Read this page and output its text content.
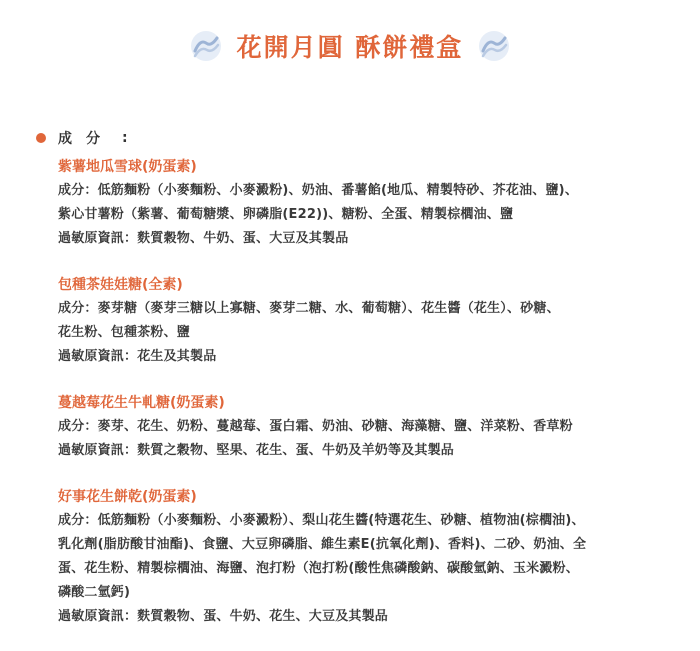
花開月圓 酥餅禮盒
成分 :
紫薯地瓜雪球(奶蛋素)
成分：低筋麵粉（小麥麵粉、小麥澱粉)、奶油、番薯餡(地瓜、精製特砂、芥花油、鹽)、
紫心甘薯粉（紫薯、葡萄糖漿、卵磷脂(E22))、糖粉、全蛋、精製棕櫚油、鹽
過敏原資訊：麩質穀物、牛奶、蛋、大豆及其製品
包種茶娃娃糖(全素)
成分：麥芽糖（麥芽三糖以上寡糖、麥芽二糖、水、葡萄糖）、花生醬（花生）、砂糖、
花生粉、包種茶粉、鹽
過敏原資訊：花生及其製品
蔓越莓花生牛軋糖(奶蛋素)
成分：麥芽、花生、奶粉、蔓越莓、蛋白霜、奶油、砂糖、海藻糖、鹽、洋菜粉、香草粉
過敏原資訊：麩質之穀物、堅果、花生、蛋、牛奶及羊奶等及其製品
好事花生餅乾(奶蛋素)
成分：低筋麵粉（小麥麵粉、小麥澱粉）、梨山花生醬(特選花生、砂糖、植物油(棕櫚油)、
乳化劑(脂肪酸甘油酯)、食鹽、大豆卵磷脂、維生素E(抗氧化劑)、香料)、二砂、奶油、全
蛋、花生粉、精製棕櫚油、海鹽、泡打粉（泡打粉(酸性焦磷酸鈉、碳酸氫鈉、玉米澱粉、
磷酸二氫鈣)
過敏原資訊：麩質穀物、蛋、牛奶、花生、大豆及其製品
